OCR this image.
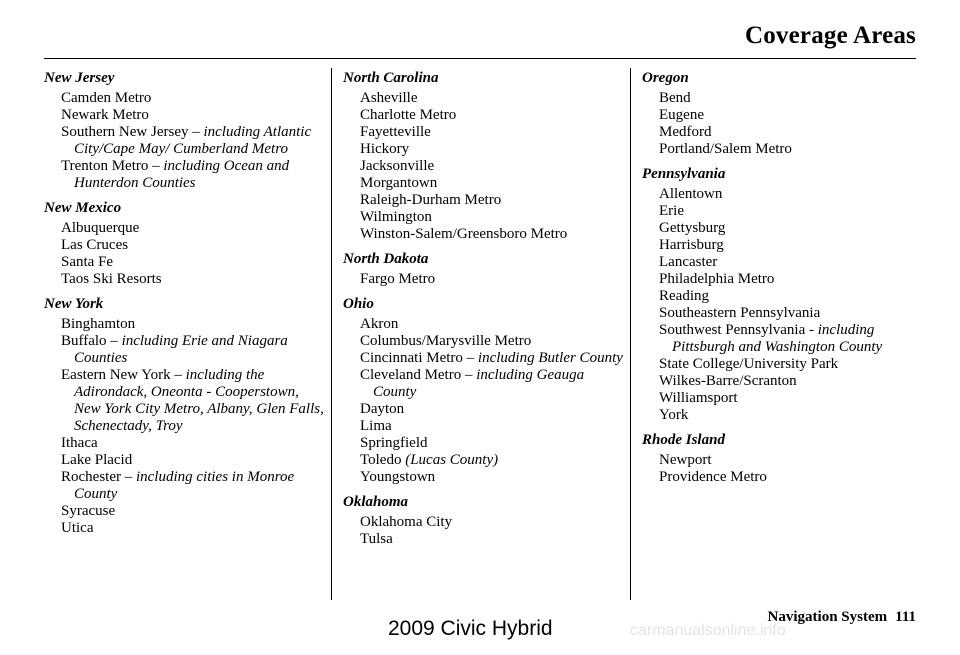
Coverage Areas
New Jersey
Camden Metro
Newark Metro
Southern New Jersey – including Atlantic City/Cape May/ Cumberland Metro
Trenton Metro – including Ocean and Hunterdon Counties
New Mexico
Albuquerque
Las Cruces
Santa Fe
Taos Ski Resorts
New York
Binghamton
Buffalo – including Erie and Niagara Counties
Eastern New York – including the Adirondack, Oneonta - Cooperstown, New York City Metro, Albany, Glen Falls, Schenectady, Troy
Ithaca
Lake Placid
Rochester – including cities in Monroe County
Syracuse
Utica
North Carolina
Asheville
Charlotte Metro
Fayetteville
Hickory
Jacksonville
Morgantown
Raleigh-Durham Metro
Wilmington
Winston-Salem/Greensboro Metro
North Dakota
Fargo Metro
Ohio
Akron
Columbus/Marysville Metro
Cincinnati Metro – including Butler County
Cleveland Metro – including Geauga County
Dayton
Lima
Springfield
Toledo (Lucas County)
Youngstown
Oklahoma
Oklahoma City
Tulsa
Oregon
Bend
Eugene
Medford
Portland/Salem Metro
Pennsylvania
Allentown
Erie
Gettysburg
Harrisburg
Lancaster
Philadelphia Metro
Reading
Southeastern Pennsylvania
Southwest Pennsylvania - including Pittsburgh and Washington County
State College/University Park
Wilkes-Barre/Scranton
Williamsport
York
Rhode Island
Newport
Providence Metro
Navigation System 111
2009 Civic Hybrid	carmanualsonline.info
